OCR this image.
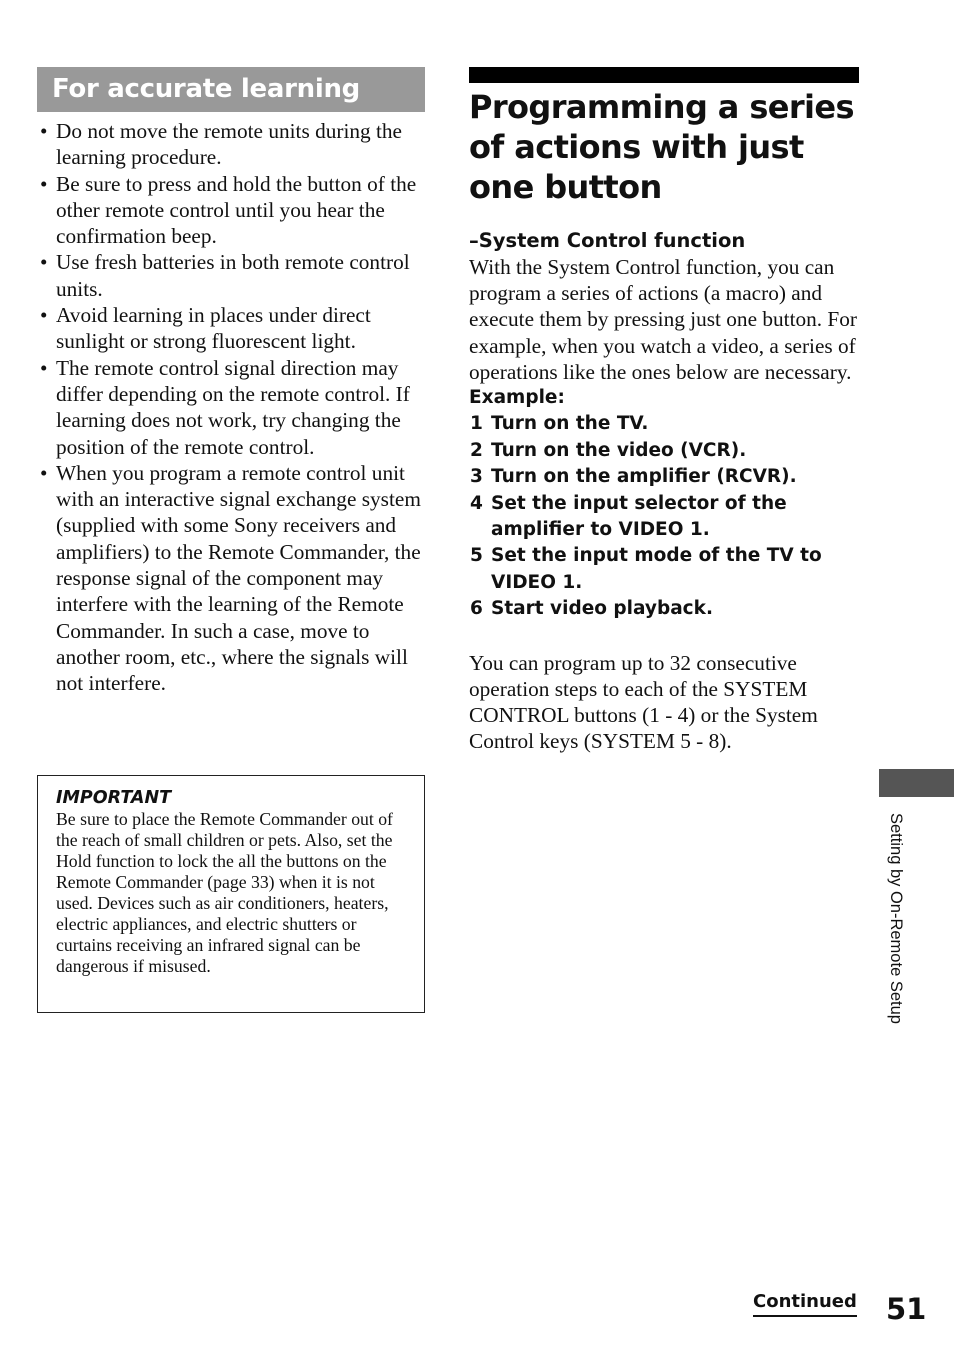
For accurate learning
• Do not move the remote units during the learning procedure.
• Be sure to press and hold the button of the other remote control until you hear the confirmation beep.
• Use fresh batteries in both remote control units.
• Avoid learning in places under direct sunlight or strong fluorescent light.
• The remote control signal direction may differ depending on the remote control. If learning does not work, try changing the position of the remote control.
• When you program a remote control unit with an interactive signal exchange system (supplied with some Sony receivers and amplifiers) to the Remote Commander, the response signal of the component may interfere with the learning of the Remote Commander. In such a case, move to another room, etc., where the signals will not interfere.
IMPORTANT
Be sure to place the Remote Commander out of the reach of small children or pets. Also, set the Hold function to lock the all the buttons on the Remote Commander (page 33) when it is not used. Devices such as air conditioners, heaters, electric appliances, and electric shutters or curtains receiving an infrared signal can be dangerous if misused.
Programming a series of actions with just one button
–System Control function
With the System Control function, you can program a series of actions (a macro) and execute them by pressing just one button. For example, when you watch a video, a series of operations like the ones below are necessary.
Example:
1 Turn on the TV.
2 Turn on the video (VCR).
3 Turn on the amplifier (RCVR).
4 Set the input selector of the amplifier to VIDEO 1.
5 Set the input mode of the TV to VIDEO 1.
6 Start video playback.
You can program up to 32 consecutive operation steps to each of the SYSTEM CONTROL buttons (1 - 4) or the System Control keys (SYSTEM 5 - 8).
Setting by On-Remote Setup
Continued 51
